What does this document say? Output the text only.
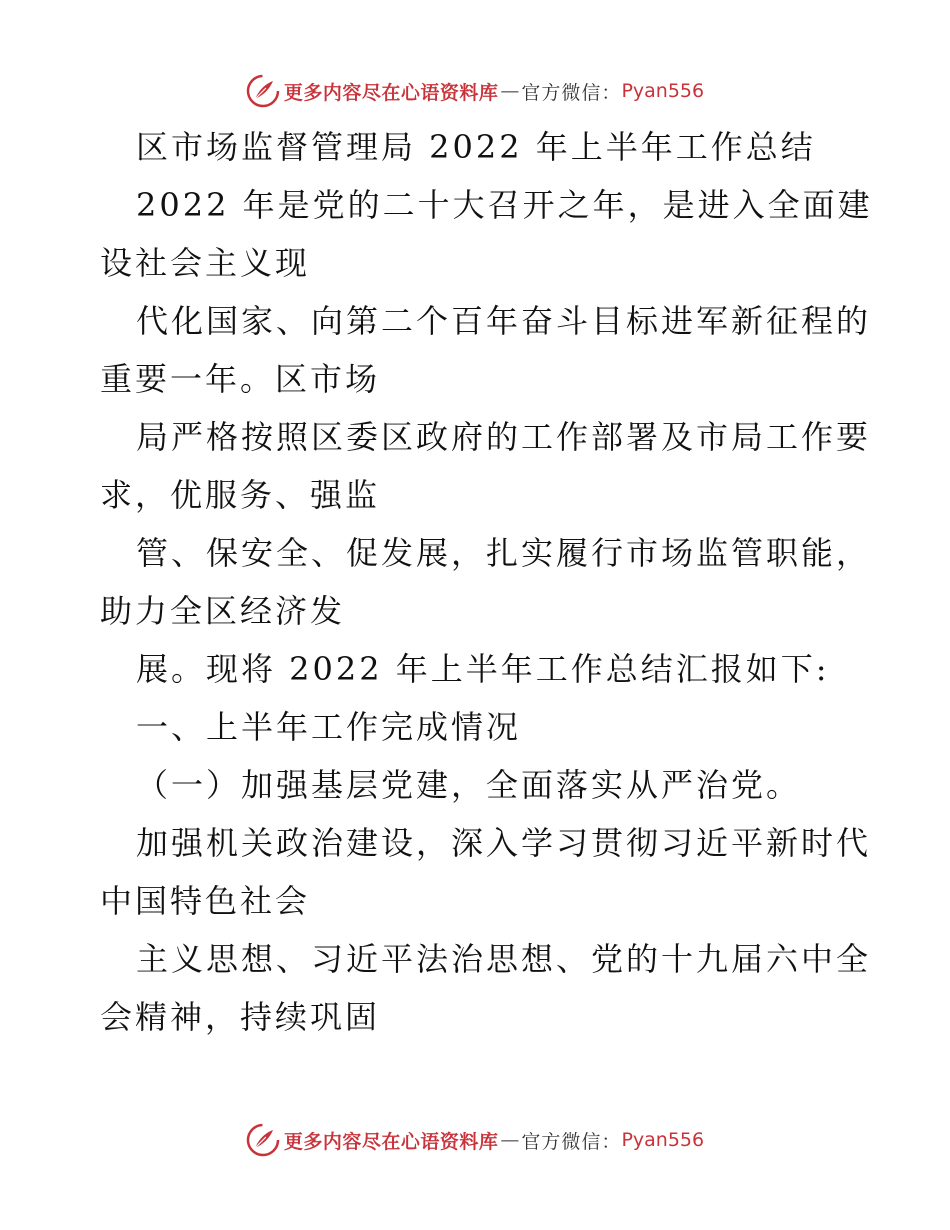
更多内容尽在心语资料库 — 官方微信： Pyan556

区市场监督管理局 2022 年上半年工作总结

2022 年是党的二十大召开之年，是进入全面建

设社会主义现

代化国家、向第二个百年奋斗目标进军新征程的

重要一年。区市场

局严格按照区委区政府的工作部署及市局工作要

求，优服务、强监

管、保安全、促发展，扎实履行市场监管职能，

助力全区经济发

展。现将 2022 年上半年工作总结汇报如下:

一、上半年工作完成情况

（一）加强基层党建，全面落实从严治党。

加强机关政治建设，深入学习贯彻习近平新时代

中国特色社会

主义思想、习近平法治思想、党的十九届六中全

会精神，持续巩固

更多内容尽在心语资料库 — 官方微信： Pyan556
